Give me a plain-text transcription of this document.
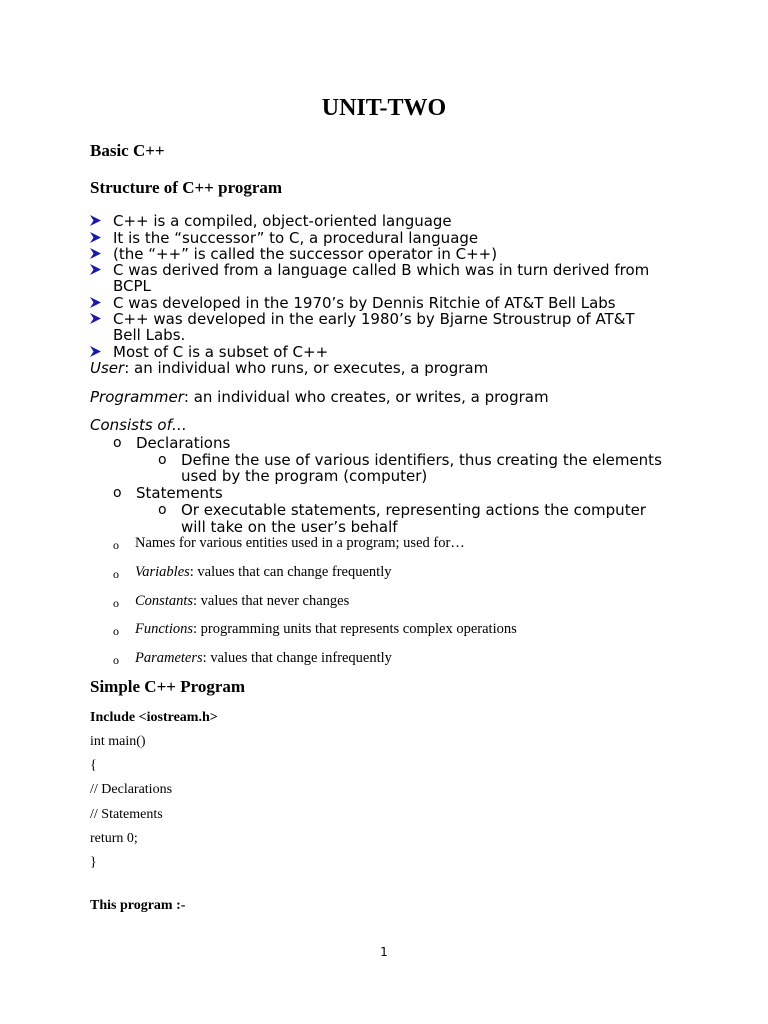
UNIT-TWO
Basic C++
Structure of C++ program
C++ is a compiled, object-oriented language
It is the “successor” to C, a procedural language
(the “++” is called the successor operator in C++)
C was derived from a language called B which was in turn derived from
BCPL
C was developed in the 1970’s by Dennis Ritchie of AT&T Bell Labs
C++ was developed in the early 1980’s by Bjarne Stroustrup of AT&T
Bell Labs.
Most of C is a subset of C++
User: an individual who runs, or executes, a program
Programmer: an individual who creates, or writes, a program
Consists of…
o Declarations
o Define the use of various identifiers, thus creating the elements
used by the program (computer)
o Statements
o Or executable statements, representing actions the computer
will take on the user’s behalf
o Names for various entities used in a program; used for…
o Variables: values that can change frequently
o Constants: values that never changes
o Functions: programming units that represents complex operations
o Parameters: values that change infrequently
Simple C++ Program
Include <iostream.h>
int main()
{
// Declarations
// Statements
return 0;
}
This program :-
1
